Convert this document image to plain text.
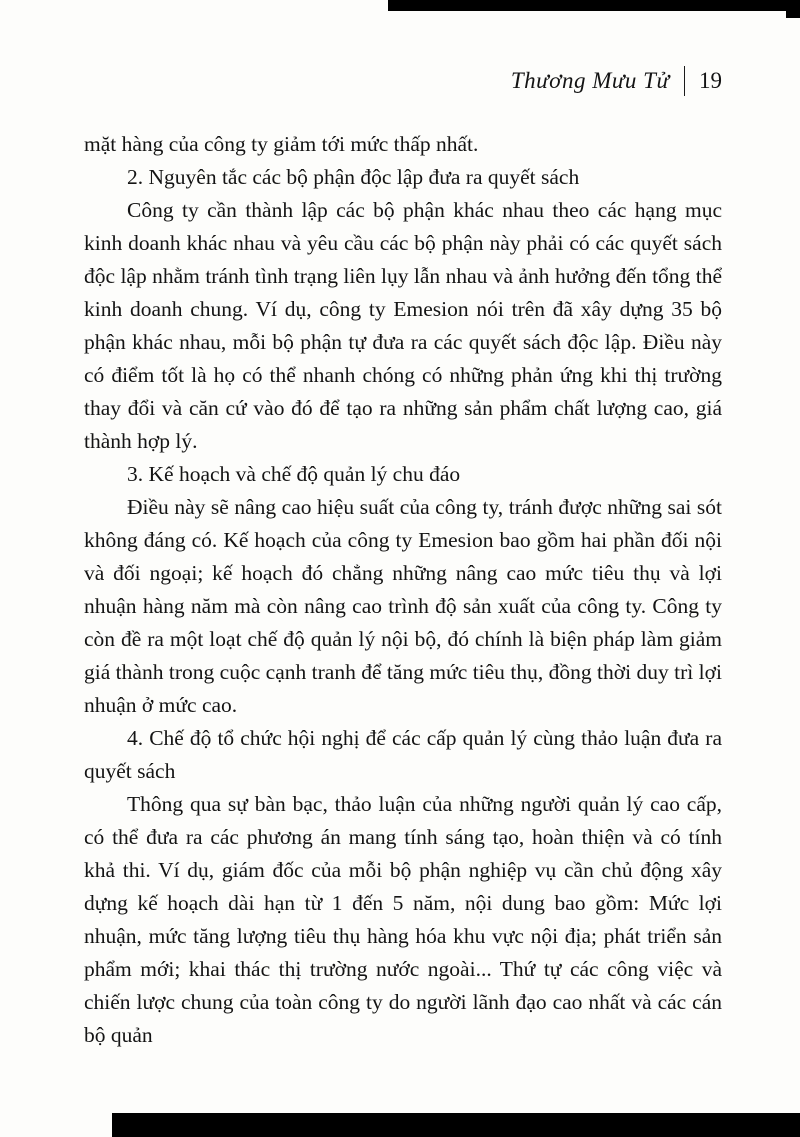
Thương Mưu Tử 19

mặt hàng của công ty giảm tới mức thấp nhất.

2. Nguyên tắc các bộ phận độc lập đưa ra quyết sách

Công ty cần thành lập các bộ phận khác nhau theo các hạng mục kinh doanh khác nhau và yêu cầu các bộ phận này phải có các quyết sách độc lập nhằm tránh tình trạng liên lụy lẫn nhau và ảnh hưởng đến tổng thể kinh doanh chung. Ví dụ, công ty Emesion nói trên đã xây dựng 35 bộ phận khác nhau, mỗi bộ phận tự đưa ra các quyết sách độc lập. Điều này có điểm tốt là họ có thể nhanh chóng có những phản ứng khi thị trường thay đổi và căn cứ vào đó để tạo ra những sản phẩm chất lượng cao, giá thành hợp lý.

3. Kế hoạch và chế độ quản lý chu đáo

Điều này sẽ nâng cao hiệu suất của công ty, tránh được những sai sót không đáng có. Kế hoạch của công ty Emesion bao gồm hai phần đối nội và đối ngoại; kế hoạch đó chẳng những nâng cao mức tiêu thụ và lợi nhuận hàng năm mà còn nâng cao trình độ sản xuất của công ty. Công ty còn đề ra một loạt chế độ quản lý nội bộ, đó chính là biện pháp làm giảm giá thành trong cuộc cạnh tranh để tăng mức tiêu thụ, đồng thời duy trì lợi nhuận ở mức cao.

4. Chế độ tổ chức hội nghị để các cấp quản lý cùng thảo luận đưa ra quyết sách

Thông qua sự bàn bạc, thảo luận của những người quản lý cao cấp, có thể đưa ra các phương án mang tính sáng tạo, hoàn thiện và có tính khả thi. Ví dụ, giám đốc của mỗi bộ phận nghiệp vụ cần chủ động xây dựng kế hoạch dài hạn từ 1 đến 5 năm, nội dung bao gồm: Mức lợi nhuận, mức tăng lượng tiêu thụ hàng hóa khu vực nội địa; phát triển sản phẩm mới; khai thác thị trường nước ngoài... Thứ tự các công việc và chiến lược chung của toàn công ty do người lãnh đạo cao nhất và các cán bộ quản
